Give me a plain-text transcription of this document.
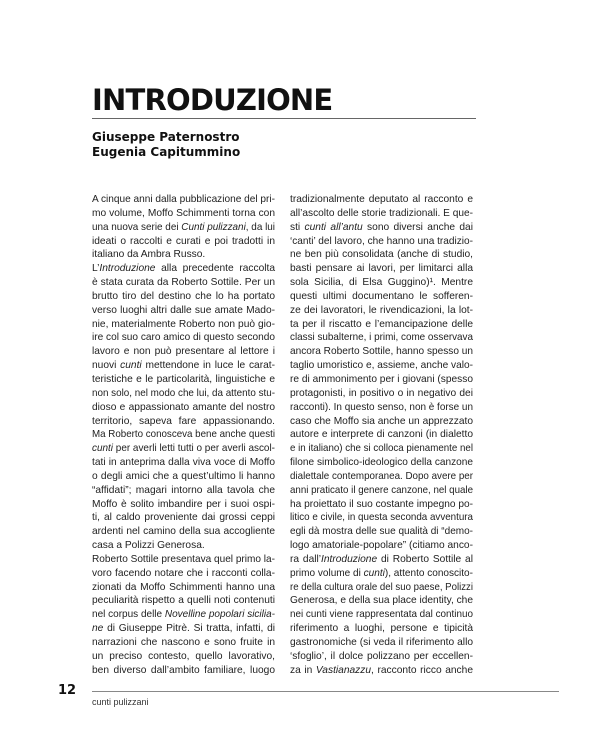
INTRODUZIONE
Giuseppe Paternostro
Eugenia Capitummino
A cinque anni dalla pubblicazione del pri-
mo volume, Moffo Schimmenti torna con
una nuova serie dei Cunti pulizzani, da lui
ideati o raccolti e curati e poi tradotti in
italiano da Ambra Russo.
L’Introduzione alla precedente raccolta
è stata curata da Roberto Sottile. Per un
brutto tiro del destino che lo ha portato
verso luoghi altri dalle sue amate Mado-
nie, materialmente Roberto non può gio-
ire col suo caro amico di questo secondo
lavoro e non può presentare al lettore i
nuovi cunti mettendone in luce le carat-
teristiche e le particolarità, linguistiche e
non solo, nel modo che lui, da attento stu-
dioso e appassionato amante del nostro
territorio, sapeva fare appassionando.
Ma Roberto conosceva bene anche questi
cunti per averli letti tutti o per averli ascol-
tati in anteprima dalla viva voce di Moffo
o degli amici che a quest’ultimo li hanno
“affidati”; magari intorno alla tavola che
Moffo è solito imbandire per i suoi ospi-
ti, al caldo proveniente dai grossi ceppi
ardenti nel camino della sua accogliente
casa a Polizzi Generosa.
Roberto Sottile presentava quel primo la-
voro facendo notare che i racconti colla-
zionati da Moffo Schimmenti hanno una
peculiarità rispetto a quelli noti contenuti
nel corpus delle Novelline popolari sicilia-
ne di Giuseppe Pitrè. Si tratta, infatti, di
narrazioni che nascono e sono fruite in
un preciso contesto, quello lavorativo,
ben diverso dall’ambito familiare, luogo
tradizionalmente deputato al racconto e
all’ascolto delle storie tradizionali. E que-
sti cunti all’antu sono diversi anche dai
‘canti’ del lavoro, che hanno una tradizio-
ne ben più consolidata (anche di studio,
basti pensare ai lavori, per limitarci alla
sola Sicilia, di Elsa Guggino)¹. Mentre
questi ultimi documentano le sofferen-
ze dei lavoratori, le rivendicazioni, la lot-
ta per il riscatto e l’emancipazione delle
classi subalterne, i primi, come osservava
ancora Roberto Sottile, hanno spesso un
taglio umoristico e, assieme, anche valo-
re di ammonimento per i giovani (spesso
protagonisti, in positivo o in negativo dei
racconti). In questo senso, non è forse un
caso che Moffo sia anche un apprezzato
autore e interprete di canzoni (in dialetto
e in italiano) che si colloca pienamente nel
filone simbolico-ideologico della canzone
dialettale contemporanea. Dopo avere per
anni praticato il genere canzone, nel quale
ha proiettato il suo costante impegno po-
litico e civile, in questa seconda avventura
egli dà mostra delle sue qualità di “demo-
logo amatoriale-popolare” (citiamo anco-
ra dall’Introduzione di Roberto Sottile al
primo volume di cunti), attento conoscito-
re della cultura orale del suo paese, Polizzi
Generosa, e della sua place identity, che
nei cunti viene rappresentata dal continuo
riferimento a luoghi, persone e tipicità
gastronomiche (si veda il riferimento allo
‘sfoglio’, il dolce polizzano per eccellen-
za in Vastianazzu, racconto ricco anche
12
cunti pulizzani
